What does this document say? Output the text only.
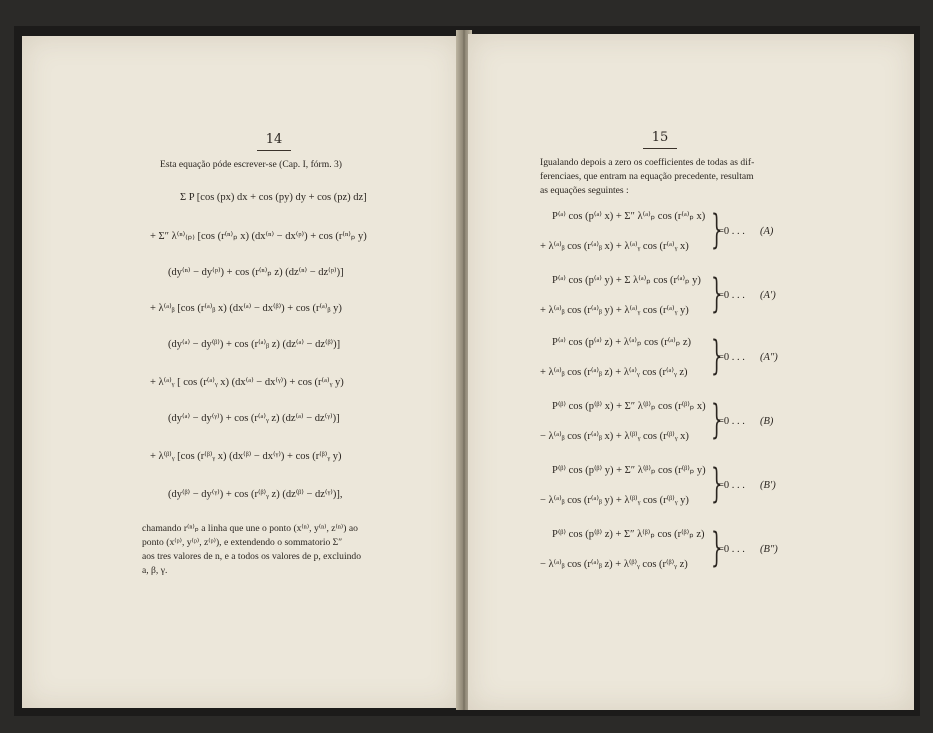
14
Esta equação póde escrever-se (Cap. I, fórm. 3)
Σ P [cos (px) dx + cos (py) dy + cos (pz) dz]
+ Σ″ λ⁽ⁿ⁾₍ₚ₎ [cos (r⁽ⁿ⁾ₚ x) (dx⁽ⁿ⁾ − dx⁽ᵖ⁾) + cos (r⁽ⁿ⁾ₚ y)
(dy⁽ⁿ⁾ − dy⁽ᵖ⁾) + cos (r⁽ⁿ⁾ₚ z) (dz⁽ⁿ⁾ − dz⁽ᵖ⁾)]
+ λ⁽ᵃ⁾ᵦ [cos (r⁽ᵃ⁾ᵦ x) (dx⁽ᵃ⁾ − dx⁽ᵝ⁾) + cos (r⁽ᵃ⁾ᵦ y)
(dy⁽ᵃ⁾ − dy⁽ᵝ⁾) + cos (r⁽ᵃ⁾ᵦ z) (dz⁽ᵃ⁾ − dz⁽ᵝ⁾)]
+ λ⁽ᵃ⁾ᵧ [ cos (r⁽ᵃ⁾ᵧ x) (dx⁽ᵃ⁾ − dx⁽ᵞ⁾) + cos (r⁽ᵃ⁾ᵧ y)
(dy⁽ᵃ⁾ − dy⁽ᵞ⁾) + cos (r⁽ᵃ⁾ᵧ z) (dz⁽ᵃ⁾ − dz⁽ᵞ⁾)]
+ λ⁽ᵝ⁾ᵧ [cos (r⁽ᵝ⁾ᵧ x) (dx⁽ᵝ⁾ − dx⁽ᵞ⁾) + cos (r⁽ᵝ⁾ᵧ y)
(dy⁽ᵝ⁾ − dy⁽ᵞ⁾) + cos (r⁽ᵝ⁾ᵧ z) (dz⁽ᵝ⁾ − dz⁽ᵞ⁾)],
chamando r⁽ⁿ⁾ₚ a linha que une o ponto (x⁽ⁿ⁾, y⁽ⁿ⁾, z⁽ⁿ⁾) ao
ponto (x⁽ᵖ⁾, y⁽ᵖ⁾, z⁽ᵖ⁾), e extendendo o sommatorio Σ″
aos tres valores de n, e a todos os valores de p, excluindo
a, β, γ.
15
Igualando depois a zero os coefficientes de todas as dif-
ferenciaes, que entram na equação precedente, resultam
as equações seguintes :
P⁽ᵃ⁾ cos (p⁽ᵃ⁾ x) + Σ″ λ⁽ᵃ⁾ₚ cos (r⁽ᵃ⁾ₚ x)
+ λ⁽ᵃ⁾ᵦ cos (r⁽ᵃ⁾ᵦ x) + λ⁽ᵃ⁾ᵧ cos (r⁽ᵃ⁾ᵧ x) }
=0 . . . (A)
P⁽ᵃ⁾ cos (p⁽ᵃ⁾ y) + Σ λ⁽ᵃ⁾ₚ cos (r⁽ᵃ⁾ₚ y)
+ λ⁽ᵃ⁾ᵦ cos (r⁽ᵃ⁾ᵦ y) + λ⁽ᵃ⁾ᵧ cos (r⁽ᵃ⁾ᵧ y) }
=0 . . . (A′)
P⁽ᵃ⁾ cos (p⁽ᵃ⁾ z) + λ⁽ᵃ⁾ₚ cos (r⁽ᵃ⁾ₚ z)
+ λ⁽ᵃ⁾ᵦ cos (r⁽ᵃ⁾ᵦ z) + λ⁽ᵃ⁾ᵧ cos (r⁽ᵃ⁾ᵧ z) }
=0 . . . (A″)
P⁽ᵝ⁾ cos (p⁽ᵝ⁾ x) + Σ″ λ⁽ᵝ⁾ₚ cos (r⁽ᵝ⁾ₚ x)
− λ⁽ᵃ⁾ᵦ cos (r⁽ᵃ⁾ᵦ x) + λ⁽ᵝ⁾ᵧ cos (r⁽ᵝ⁾ᵧ x) }
=0 . . . (B)
P⁽ᵝ⁾ cos (p⁽ᵝ⁾ y) + Σ″ λ⁽ᵝ⁾ₚ cos (r⁽ᵝ⁾ₚ y)
− λ⁽ᵃ⁾ᵦ cos (r⁽ᵃ⁾ᵦ y) + λ⁽ᵝ⁾ᵧ cos (r⁽ᵝ⁾ᵧ y) }
=0 . . . (B′)
P⁽ᵝ⁾ cos (p⁽ᵝ⁾ z) + Σ″ λ⁽ᵝ⁾ₚ cos (r⁽ᵝ⁾ₚ z)
− λ⁽ᵃ⁾ᵦ cos (r⁽ᵃ⁾ᵦ z) + λ⁽ᵝ⁾ᵧ cos (r⁽ᵝ⁾ᵧ z) }
=0 . . . (B″)
